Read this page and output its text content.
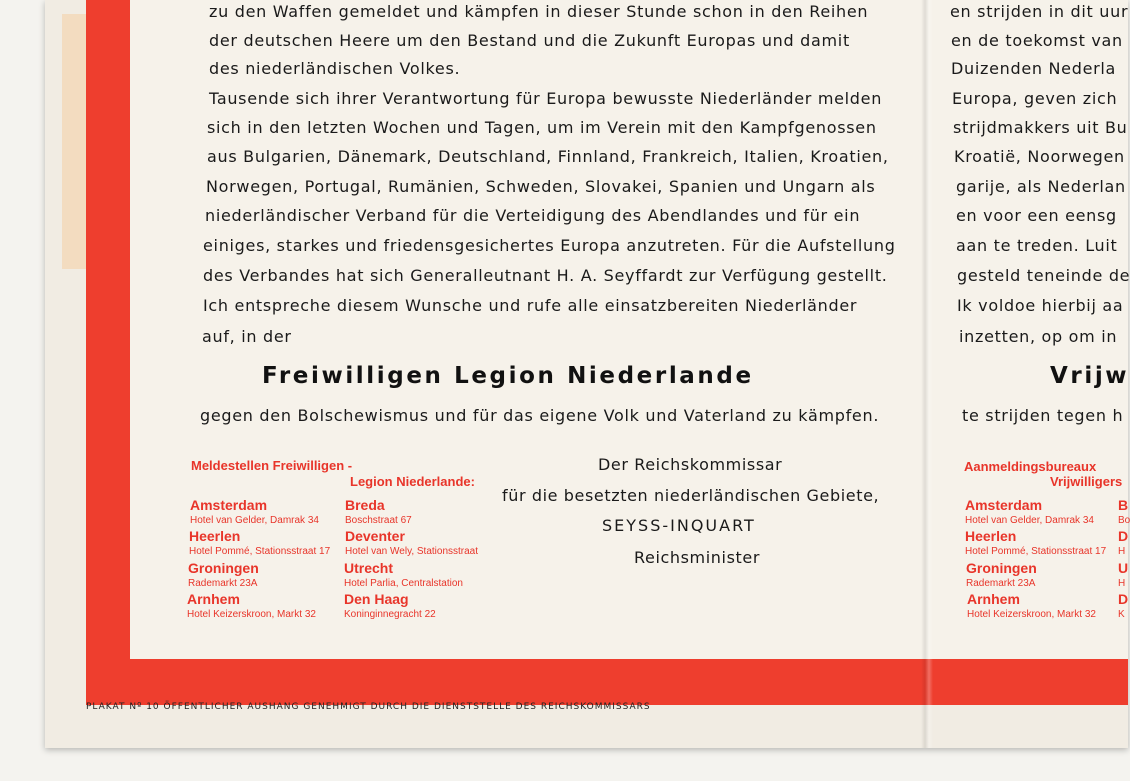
zu den Waffen gemeldet und kämpfen in dieser Stunde schon in den Reihen
der deutschen Heere um den Bestand und die Zukunft Europas und damit
des niederländischen Volkes.
Tausende sich ihrer Verantwortung für Europa bewusste Niederländer melden
sich in den letzten Wochen und Tagen, um im Verein mit den Kampfgenossen
aus Bulgarien, Dänemark, Deutschland, Finnland, Frankreich, Italien, Kroatien,
Norwegen, Portugal, Rumänien, Schweden, Slovakei, Spanien und Ungarn als
niederländischer Verband für die Verteidigung des Abendlandes und für ein
einiges, starkes und friedensgesichertes Europa anzutreten. Für die Aufstellung
des Verbandes hat sich Generalleutnant H. A. Seyffardt zur Verfügung gestellt.
Ich entspreche diesem Wunsche und rufe alle einsatzbereiten Niederländer
auf, in der
Freiwilligen Legion Niederlande
gegen den Bolschewismus und für das eigene Volk und Vaterland zu kämpfen.
Meldestellen Freiwilligen -
Legion Niederlande:
Amsterdam
Hotel van Gelder, Damrak 34
Breda
Boschstraat 67
Heerlen
Hotel Pommé, Stationsstraat 17
Deventer
Hotel van Wely, Stationsstraat
Groningen
Rademarkt 23A
Utrecht
Hotel Parlia, Centralstation
Arnhem
Hotel Keizerskroon, Markt 32
Den Haag
Koninginnegracht 22
Der Reichskommissar
für die besetzten niederländischen Gebiete,
SEYSS-INQUART
Reichsminister
en strijden in dit uur
en de toekomst van
Duizenden Nederla
Europa, geven zich
strijdmakkers uit Bu
Kroatië, Noorwegen
garije, als Nederlan
en voor een eensg
aan te treden. Luit
gesteld teneinde de
Ik voldoe hierbij aa
inzetten, op om in
Vrijw
te strijden tegen h
Aanmeldingsbureaux
Vrijwilligers
Amsterdam
Hotel van Gelder, Damrak 34
B
Bo
Heerlen
Hotel Pommé, Stationsstraat 17
D
H
Groningen
Rademarkt 23A
U
H
Arnhem
Hotel Keizerskroon, Markt 32
D
K
PLAKAT Nº 10 ÖFFENTLICHER AUSHANG GENEHMIGT DURCH DIE DIENSTSTELLE DES REICHSKOMMISSARS
